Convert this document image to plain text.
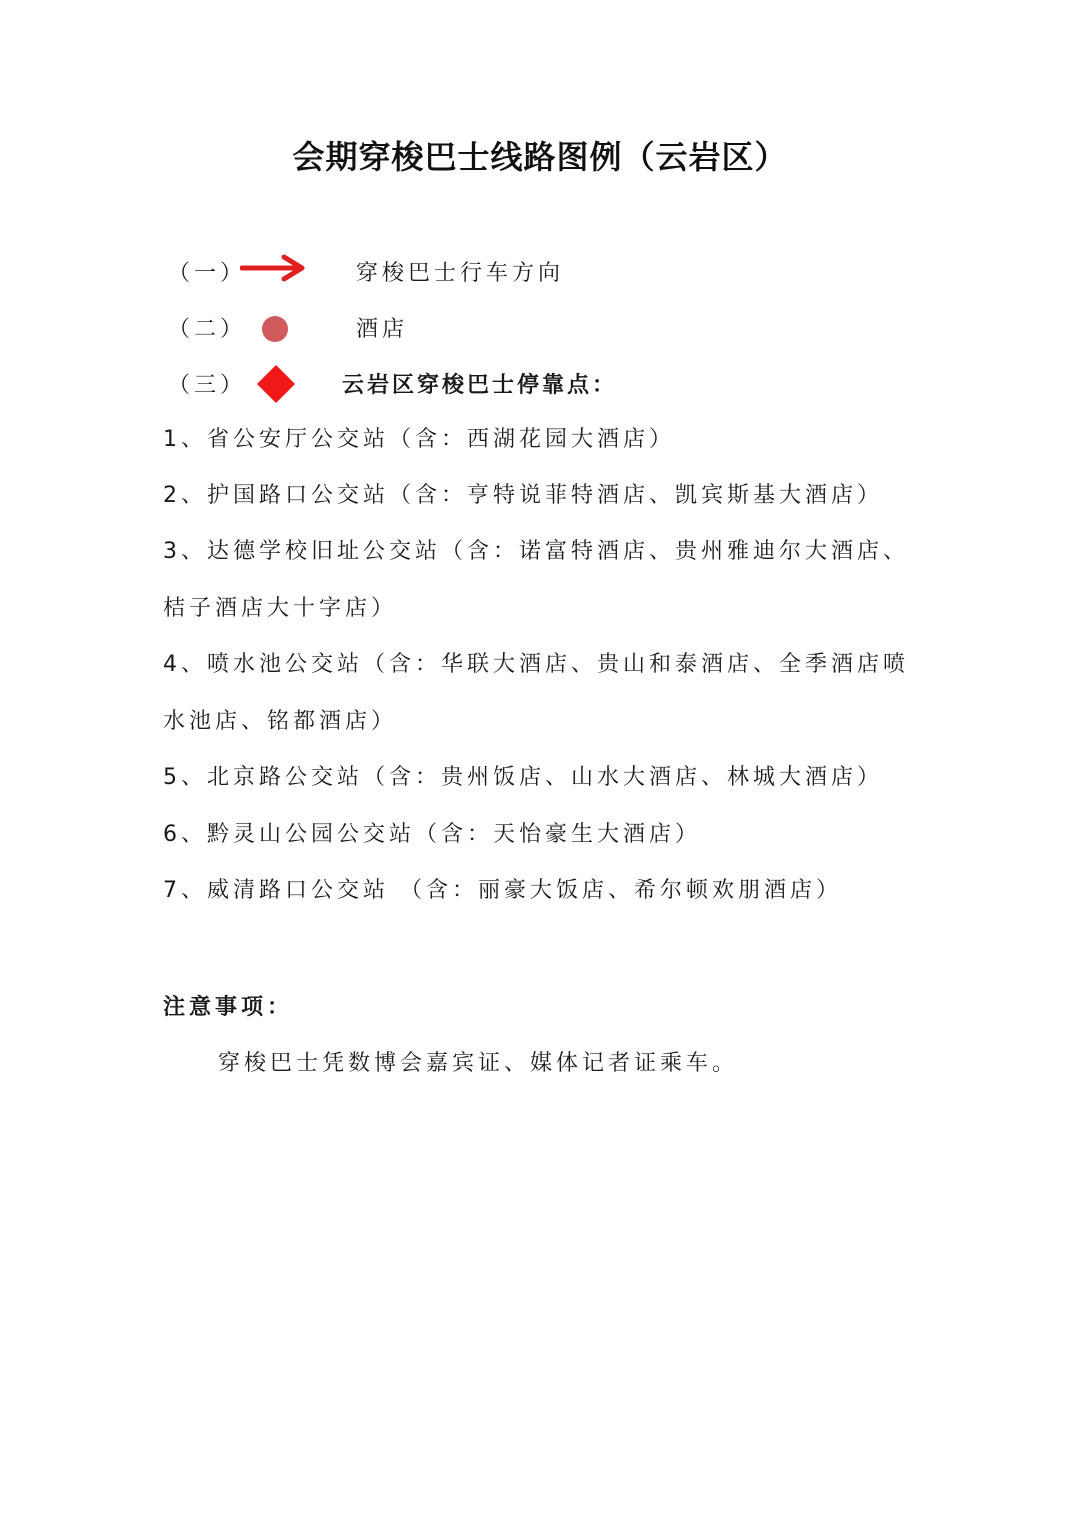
会期穿梭巴士线路图例（云岩区）
（一）	穿梭巴士行车方向
（二）	酒店
（三）	云岩区穿梭巴士停靠点：
1、省公安厅公交站（含：西湖花园大酒店）
2、护国路口公交站（含：亨特说菲特酒店、凯宾斯基大酒店）
3、达德学校旧址公交站（含：诺富特酒店、贵州雅迪尔大酒店、
桔子酒店大十字店）
4、喷水池公交站（含：华联大酒店、贵山和泰酒店、全季酒店喷
水池店、铭都酒店）
5、北京路公交站（含：贵州饭店、山水大酒店、林城大酒店）
6、黔灵山公园公交站（含：天怡豪生大酒店）
7、威清路口公交站 （含：丽豪大饭店、希尔顿欢朋酒店）
注意事项：
穿梭巴士凭数博会嘉宾证、媒体记者证乘车。
